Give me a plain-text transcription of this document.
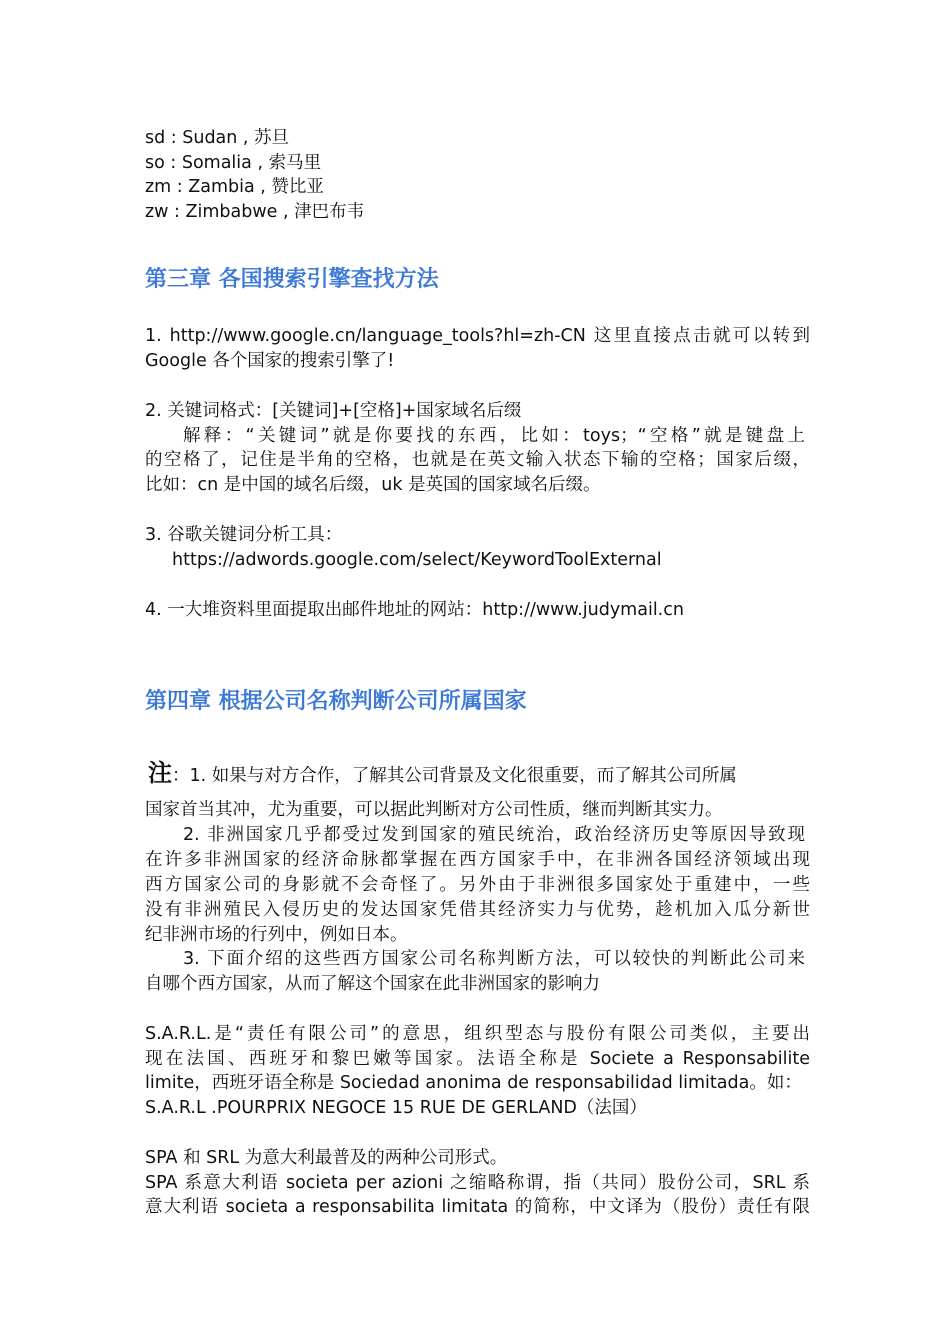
sd : Sudan , 苏旦
so : Somalia , 索马里
zm : Zambia , 赞比亚
zw : Zimbabwe , 津巴布韦
第三章 各国搜索引擎查找方法
1. http://www.google.cn/language_tools?hl=zh-CN 这里直接点击就可以转到
Google 各个国家的搜索引擎了!
2. 关键词格式：[关键词]+[空格]+国家域名后缀
解释：“关键词”就是你要找的东西，比如：toys；“空格”就是键盘上
的空格了，记住是半角的空格，也就是在英文输入状态下输的空格；国家后缀，
比如：cn 是中国的域名后缀，uk 是英国的国家域名后缀。
3. 谷歌关键词分析工具：
https://adwords.google.com/select/KeywordToolExternal
4. 一大堆资料里面提取出邮件地址的网站：http://www.judymail.cn
第四章 根据公司名称判断公司所属国家
注：1. 如果与对方合作，了解其公司背景及文化很重要，而了解其公司所属
国家首当其冲，尤为重要，可以据此判断对方公司性质，继而判断其实力。
2. 非洲国家几乎都受过发到国家的殖民统治，政治经济历史等原因导致现
在许多非洲国家的经济命脉都掌握在西方国家手中，在非洲各国经济领域出现
西方国家公司的身影就不会奇怪了。另外由于非洲很多国家处于重建中，一些
没有非洲殖民入侵历史的发达国家凭借其经济实力与优势，趁机加入瓜分新世
纪非洲市场的行列中，例如日本。
3. 下面介绍的这些西方国家公司名称判断方法，可以较快的判断此公司来
自哪个西方国家，从而了解这个国家在此非洲国家的影响力
S.A.R.L.是“责任有限公司”的意思，组织型态与股份有限公司类似，主要出
现在法国、西班牙和黎巴嫩等国家。法语全称是 Societe a Responsabilite
limite，西班牙语全称是 Sociedad anonima de responsabilidad limitada。如：
S.A.R.L .POURPRIX NEGOCE 15 RUE DE GERLAND（法国）
SPA 和 SRL 为意大利最普及的两种公司形式。
SPA 系意大利语 societa per azioni 之缩略称谓，指（共同）股份公司，SRL 系
意大利语 societa a responsabilita limitata 的简称，中文译为（股份）责任有限
